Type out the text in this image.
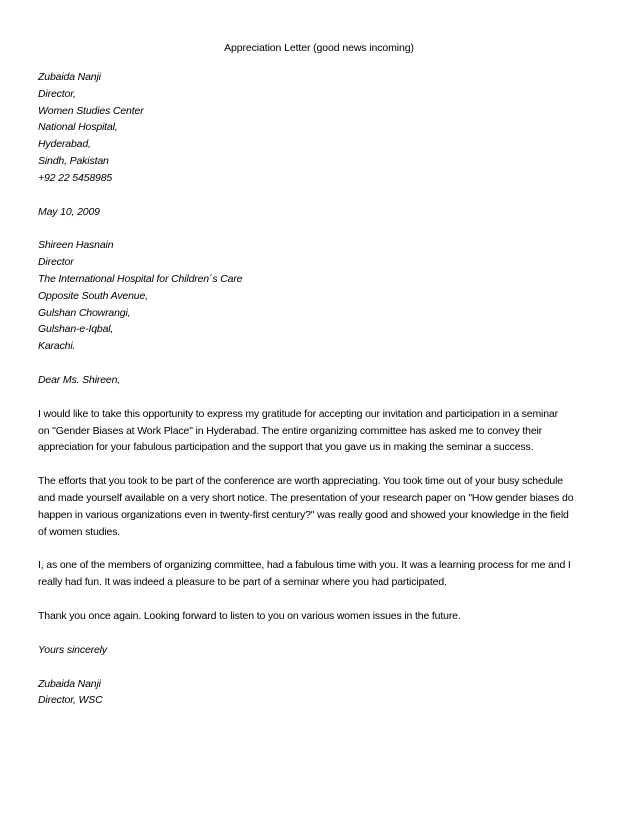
Appreciation Letter (good news incoming)
Zubaida Nanji
Director,
Women Studies Center
National Hospital,
Hyderabad,
Sindh, Pakistan
+92 22 5458985
May 10, 2009
Shireen Hasnain
Director
The International Hospital for Children´s Care
Opposite South Avenue,
Gulshan Chowrangi,
Gulshan-e-Iqbal,
Karachi.
Dear Ms. Shireen,
I would like to take this opportunity to express my gratitude for accepting our invitation and participation in a seminar
on "Gender Biases at Work Place" in Hyderabad. The entire organizing committee has asked me to convey their
appreciation for your fabulous participation and the support that you gave us in making the seminar a success.
The efforts that you took to be part of the conference are worth appreciating. You took time out of your busy schedule
and made yourself available on a very short notice. The presentation of your research paper on "How gender biases do
happen in various organizations even in twenty-first century?" was really good and showed your knowledge in the field
of women studies.
I, as one of the members of organizing committee, had a fabulous time with you. It was a learning process for me and I
really had fun. It was indeed a pleasure to be part of a seminar where you had participated.
Thank you once again. Looking forward to listen to you on various women issues in the future.
Yours sincerely
Zubaida Nanji
Director, WSC
